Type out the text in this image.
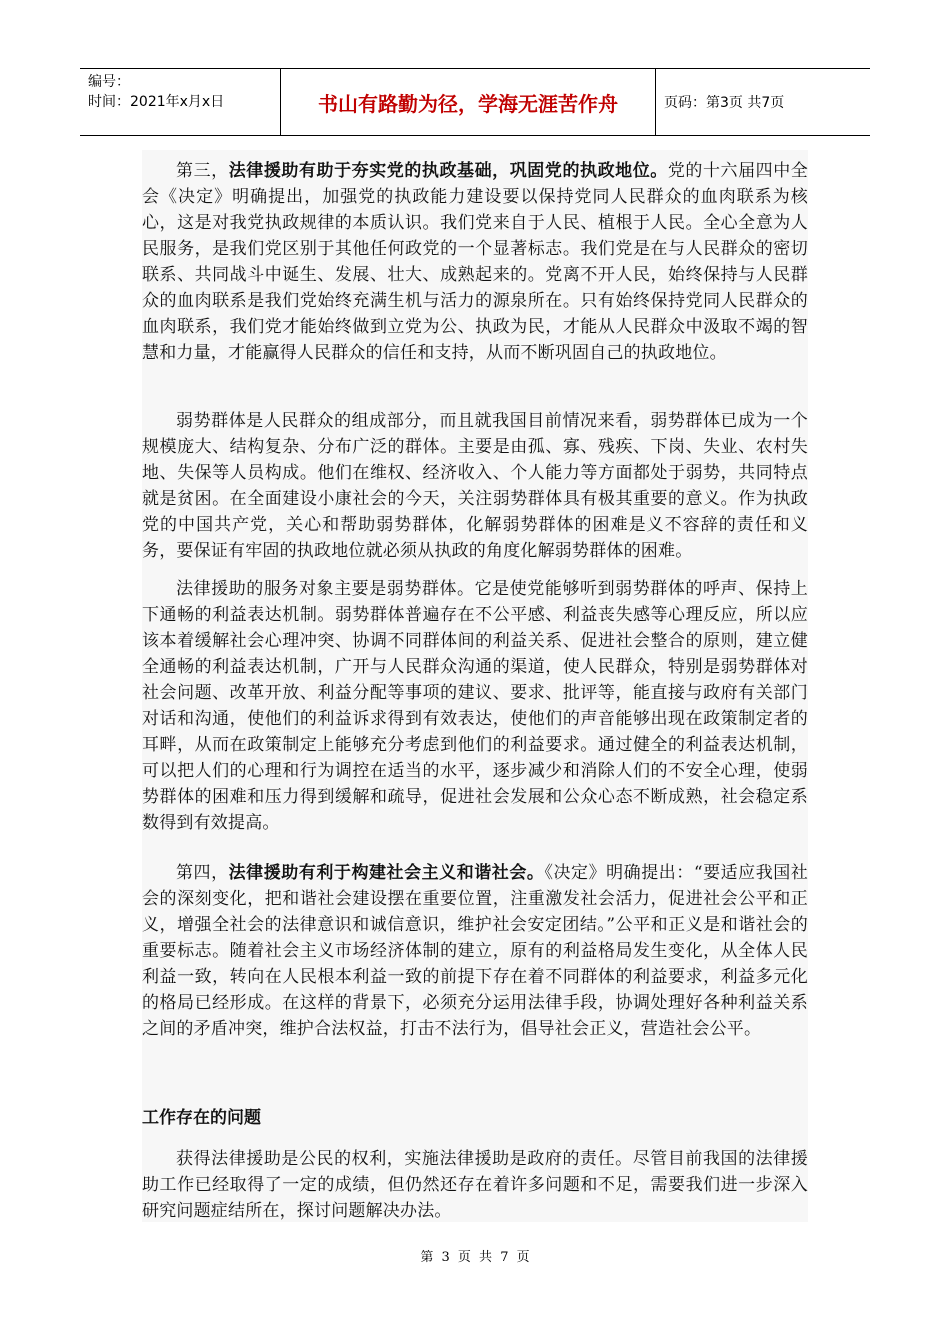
编号：
时间：2021年x月x日	书山有路勤为径，学海无涯苦作舟	页码：第3页 共7页

第三，法律援助有助于夯实党的执政基础，巩固党的执政地位。党的十六届四中全会《决定》明确提出，加强党的执政能力建设要以保持党同人民群众的血肉联系为核心，这是对我党执政规律的本质认识。我们党来自于人民、植根于人民。全心全意为人民服务，是我们党区别于其他任何政党的一个显著标志。我们党是在与人民群众的密切联系、共同战斗中诞生、发展、壮大、成熟起来的。党离不开人民，始终保持与人民群众的血肉联系是我们党始终充满生机与活力的源泉所在。只有始终保持党同人民群众的血肉联系，我们党才能始终做到立党为公、执政为民，才能从人民群众中汲取不竭的智慧和力量，才能赢得人民群众的信任和支持，从而不断巩固自己的执政地位。

弱势群体是人民群众的组成部分，而且就我国目前情况来看，弱势群体已成为一个规模庞大、结构复杂、分布广泛的群体。主要是由孤、寡、残疾、下岗、失业、农村失地、失保等人员构成。他们在维权、经济收入、个人能力等方面都处于弱势，共同特点就是贫困。在全面建设小康社会的今天，关注弱势群体具有极其重要的意义。作为执政党的中国共产党，关心和帮助弱势群体，化解弱势群体的困难是义不容辞的责任和义务，要保证有牢固的执政地位就必须从执政的角度化解弱势群体的困难。

法律援助的服务对象主要是弱势群体。它是使党能够听到弱势群体的呼声、保持上下通畅的利益表达机制。弱势群体普遍存在不公平感、利益丧失感等心理反应，所以应该本着缓解社会心理冲突、协调不同群体间的利益关系、促进社会整合的原则，建立健全通畅的利益表达机制，广开与人民群众沟通的渠道，使人民群众，特别是弱势群体对社会问题、改革开放、利益分配等事项的建议、要求、批评等，能直接与政府有关部门对话和沟通，使他们的利益诉求得到有效表达，使他们的声音能够出现在政策制定者的耳畔，从而在政策制定上能够充分考虑到他们的利益要求。通过健全的利益表达机制，可以把人们的心理和行为调控在适当的水平，逐步减少和消除人们的不安全心理，使弱势群体的困难和压力得到缓解和疏导，促进社会发展和公众心态不断成熟，社会稳定系数得到有效提高。

第四，法律援助有利于构建社会主义和谐社会。《决定》明确提出：“要适应我国社会的深刻变化，把和谐社会建设摆在重要位置，注重激发社会活力，促进社会公平和正义，增强全社会的法律意识和诚信意识，维护社会安定团结。”公平和正义是和谐社会的重要标志。随着社会主义市场经济体制的建立，原有的利益格局发生变化，从全体人民利益一致，转向在人民根本利益一致的前提下存在着不同群体的利益要求，利益多元化的格局已经形成。在这样的背景下，必须充分运用法律手段，协调处理好各种利益关系之间的矛盾冲突，维护合法权益，打击不法行为，倡导社会正义，营造社会公平。

工作存在的问题

获得法律援助是公民的权利，实施法律援助是政府的责任。尽管目前我国的法律援助工作已经取得了一定的成绩，但仍然还存在着许多问题和不足，需要我们进一步深入研究问题症结所在，探讨问题解决办法。

第 3 页 共 7 页
